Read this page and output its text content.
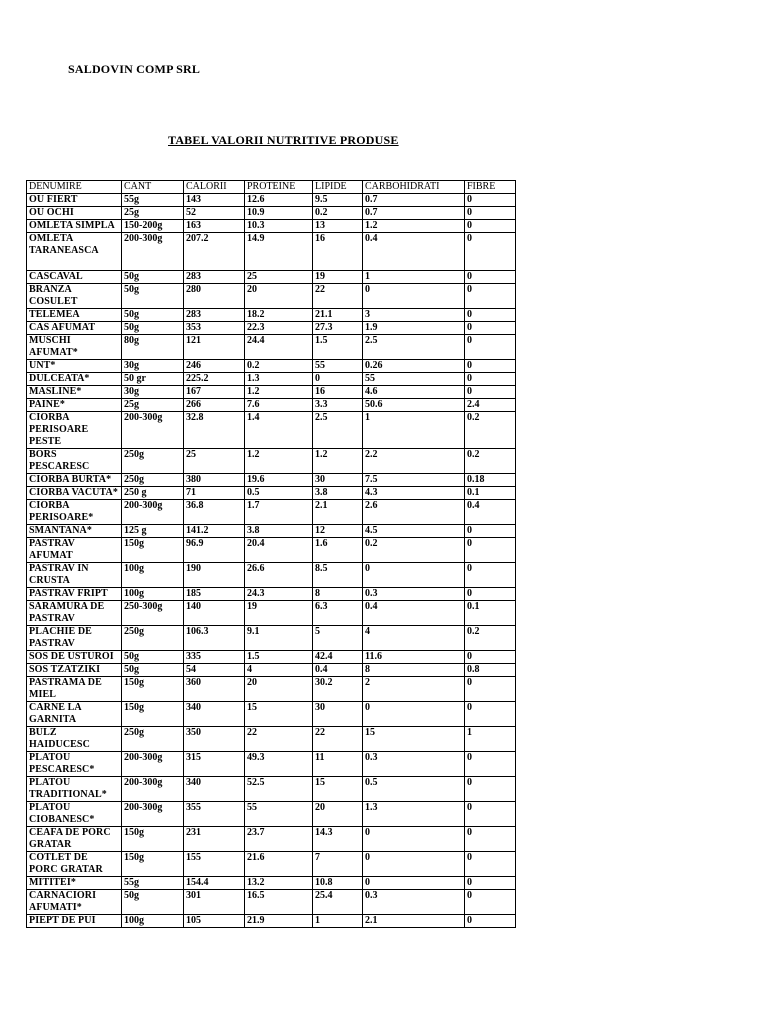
SALDOVIN COMP SRL
TABEL VALORII NUTRITIVE PRODUSE
DENUMIRE	CANT	CALORII	PROTEINE	LIPIDE	CARBOHIDRATI	FIBRE
OU FIERT	55g	143	12.6	9.5	0.7	0
OU OCHI	25g	52	10.9	0.2	0.7	0
OMLETA SIMPLA	150-200g	163	10.3	13	1.2	0
OMLETA TARANEASCA	200-300g	207.2	14.9	16	0.4	0
CASCAVAL	50g	283	25	19	1	0
BRANZA COSULET	50g	280	20	22	0	0
TELEMEA	50g	283	18.2	21.1	3	0
CAS AFUMAT	50g	353	22.3	27.3	1.9	0
MUSCHI AFUMAT*	80g	121	24.4	1.5	2.5	0
UNT*	30g	246	0.2	55	0.26	0
DULCEATA*	50 gr	225.2	1.3	0	55	0
MASLINE*	30g	167	1.2	16	4.6	0
PAINE*	25g	266	7.6	3.3	50.6	2.4
CIORBA PERISOARE PESTE	200-300g	32.8	1.4	2.5	1	0.2
BORS PESCARESC	250g	25	1.2	1.2	2.2	0.2
CIORBA BURTA*	250g	380	19.6	30	7.5	0.18
CIORBA VACUTA*	250 g	71	0.5	3.8	4.3	0.1
CIORBA PERISOARE*	200-300g	36.8	1.7	2.1	2.6	0.4
SMANTANA*	125 g	141.2	3.8	12	4.5	0
PASTRAV AFUMAT	150g	96.9	20.4	1.6	0.2	0
PASTRAV IN CRUSTA	100g	190	26.6	8.5	0	0
PASTRAV FRIPT	100g	185	24.3	8	0.3	0
SARAMURA DE PASTRAV	250-300g	140	19	6.3	0.4	0.1
PLACHIE DE PASTRAV	250g	106.3	9.1	5	4	0.2
SOS DE USTUROI	50g	335	1.5	42.4	11.6	0
SOS TZATZIKI	50g	54	4	0.4	8	0.8
PASTRAMA DE MIEL	150g	360	20	30.2	2	0
CARNE LA GARNITA	150g	340	15	30	0	0
BULZ HAIDUCESC	250g	350	22	22	15	1
PLATOU PESCARESC*	200-300g	315	49.3	11	0.3	0
PLATOU TRADITIONAL*	200-300g	340	52.5	15	0.5	0
PLATOU CIOBANESC*	200-300g	355	55	20	1.3	0
CEAFA DE PORC GRATAR	150g	231	23.7	14.3	0	0
COTLET DE PORC GRATAR	150g	155	21.6	7	0	0
MITITEI*	55g	154.4	13.2	10.8	0	0
CARNACIORI AFUMATI*	50g	301	16.5	25.4	0.3	0
PIEPT DE PUI	100g	105	21.9	1	2.1	0
